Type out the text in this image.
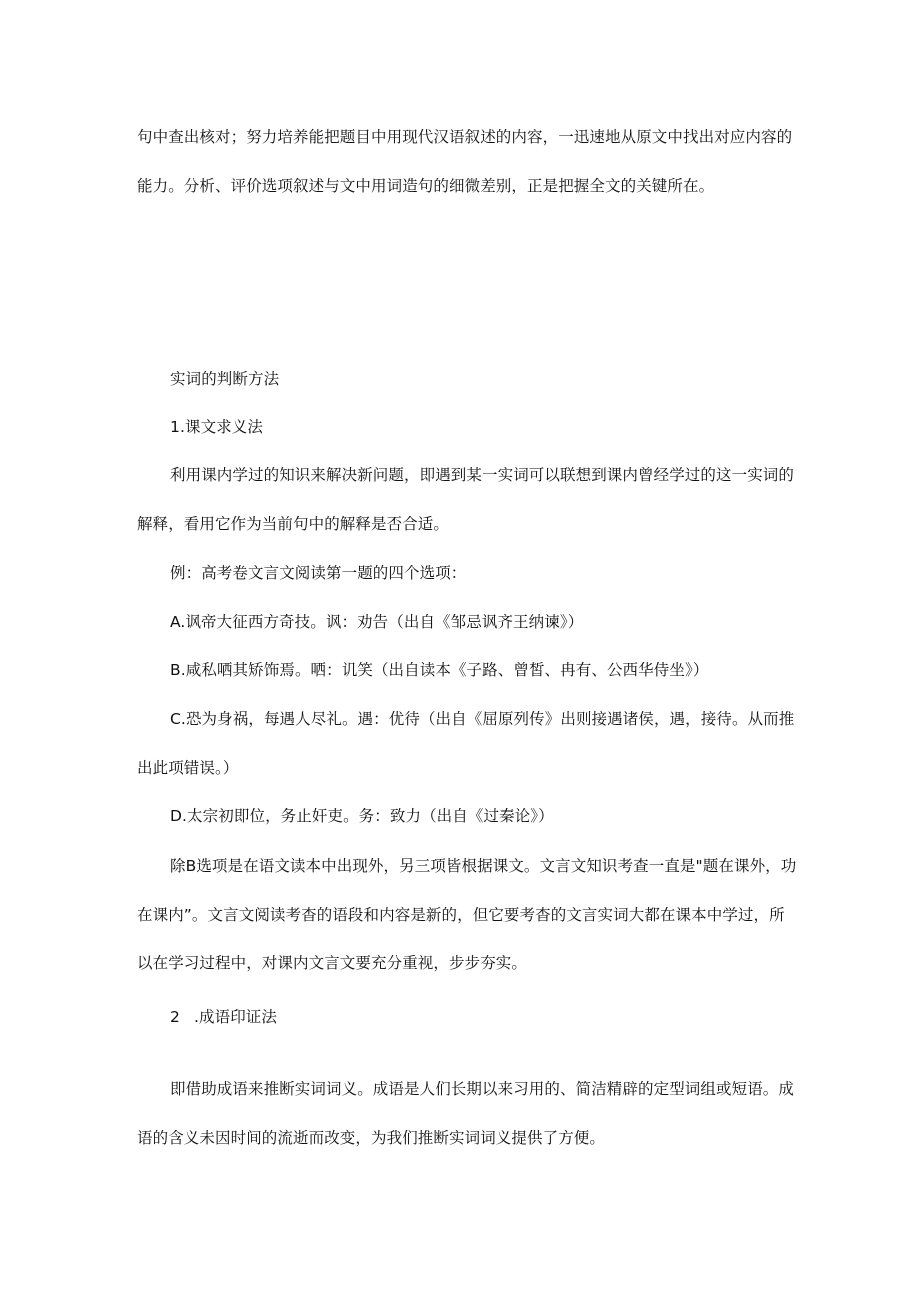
句中查出核对；努力培养能把题目中用现代汉语叙述的内容，一迅速地从原文中找出对应内容的
能力。分析、评价选项叙述与文中用词造句的细微差别，正是把握全文的关键所在。
实词的判断方法
1.课文求义法
利用课内学过的知识来解决新问题，即遇到某一实词可以联想到课内曾经学过的这一实词的
解释，看用它作为当前句中的解释是否合适。
例：高考卷文言文阅读第一题的四个选项：
A.讽帝大征西方奇技。讽：劝告（出自《邹忌讽齐王纳谏》）
B.咸私哂其矫饰焉。哂：讥笑（出自读本《子路、曾皙、冉有、公西华侍坐》）
C.恐为身祸，每遇人尽礼。遇：优待（出自《屈原列传》出则接遇诸侯，遇，接待。从而推
出此项错误。）
D.太宗初即位，务止奸吏。务：致力（出自《过秦论》）
除B选项是在语文读本中出现外，另三项皆根据课文。文言文知识考查一直是"题在课外，功
在课内”。文言文阅读考杳的语段和内容是新的，但它要考杳的文言实词大都在课本中学过，所
以在学习过程中，对课内文言文要充分重视，步步夯实。
2 .成语印证法
即借助成语来推断实词词义。成语是人们长期以来习用的、简洁精辟的定型词组或短语。成
语的含义未因时间的流逝而改变，为我们推断实词词义提供了方便。
